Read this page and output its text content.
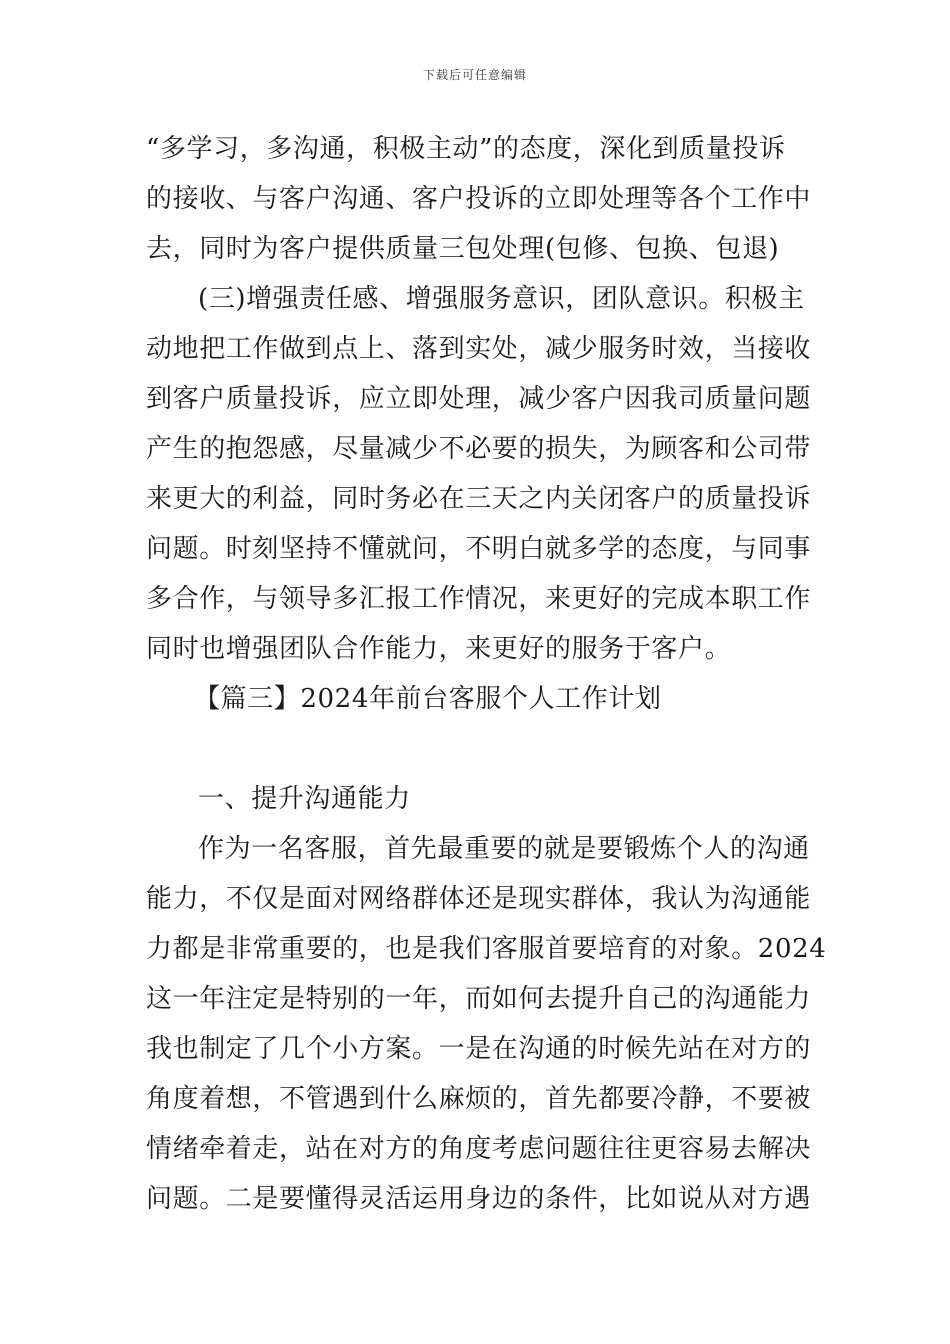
下载后可任意编辑
“多学习，多沟通，积极主动”的态度，深化到质量投诉
的接收、与客户沟通、客户投诉的立即处理等各个工作中
去，同时为客户提供质量三包处理(包修、包换、包退)
(三)增强责任感、增强服务意识，团队意识。积极主
动地把工作做到点上、落到实处，减少服务时效，当接收
到客户质量投诉，应立即处理，减少客户因我司质量问题
产生的抱怨感，尽量减少不必要的损失，为顾客和公司带
来更大的利益，同时务必在三天之内关闭客户的质量投诉
问题。时刻坚持不懂就问，不明白就多学的态度，与同事
多合作，与领导多汇报工作情况，来更好的完成本职工作
同时也增强团队合作能力，来更好的服务于客户。
【篇三】2024年前台客服个人工作计划
一、提升沟通能力
作为一名客服，首先最重要的就是要锻炼个人的沟通
能力，不仅是面对网络群体还是现实群体，我认为沟通能
力都是非常重要的，也是我们客服首要培育的对象。2024
这一年注定是特别的一年，而如何去提升自己的沟通能力
我也制定了几个小方案。一是在沟通的时候先站在对方的
角度着想，不管遇到什么麻烦的，首先都要冷静，不要被
情绪牵着走，站在对方的角度考虑问题往往更容易去解决
问题。二是要懂得灵活运用身边的条件，比如说从对方遇
